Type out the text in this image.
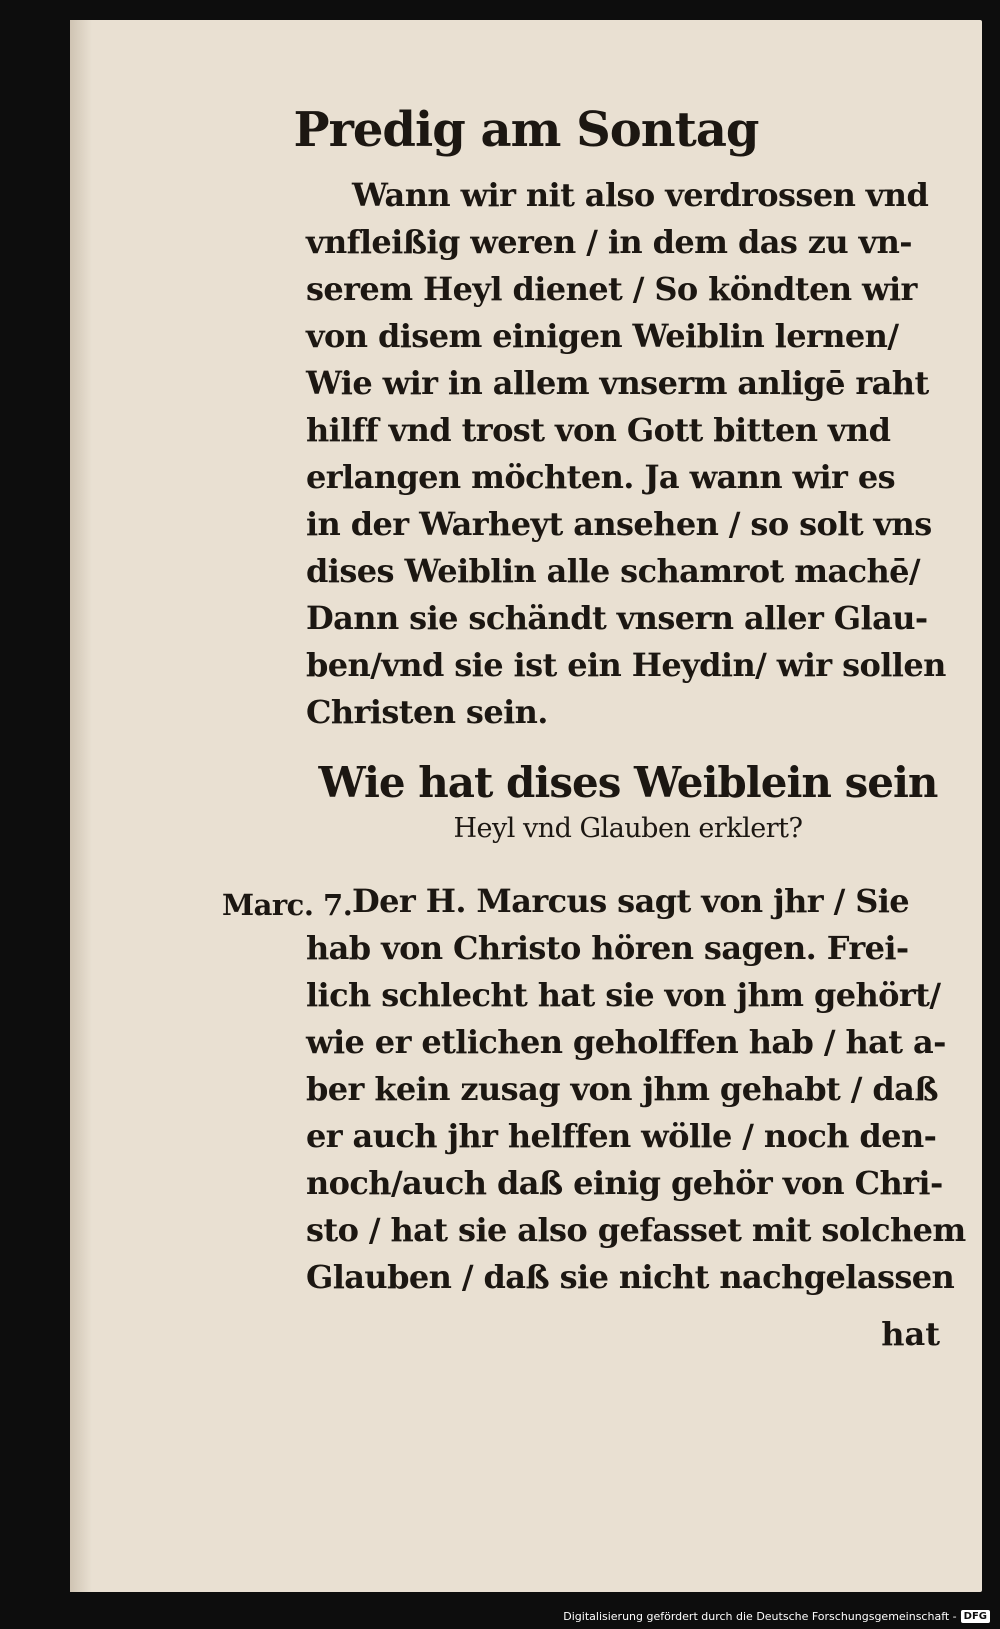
Predig am Sontag
Wann wir nit also verdrossen vnd
vnfleißig weren / in dem das zu vn-
serem Heyl dienet / So köndten wir
von disem einigen Weiblin lernen/
Wie wir in allem vnserm anligē raht
hilff vnd trost von Gott bitten vnd
erlangen möchten. Ja wann wir es
in der Warheyt ansehen / so solt vns
dises Weiblin alle schamrot machē/
Dann sie schändt vnsern aller Glau-
ben/vnd sie ist ein Heydin/ wir sollen
Christen sein.
Wie hat dises Weiblein sein
Heyl vnd Glauben erklert?
Marc. 7. Der H. Marcus sagt von jhr / Sie
hab von Christo hören sagen. Frei-
lich schlecht hat sie von jhm gehört/
wie er etlichen geholffen hab / hat a-
ber kein zusag von jhm gehabt / daß
er auch jhr helffen wölle / noch den-
noch/auch daß einig gehör von Chri-
sto / hat sie also gefasset mit solchem
Glauben / daß sie nicht nachgelassen
hat
Digitalisierung gefördert durch die Deutsche Forschungsgemeinschaft - DFG
